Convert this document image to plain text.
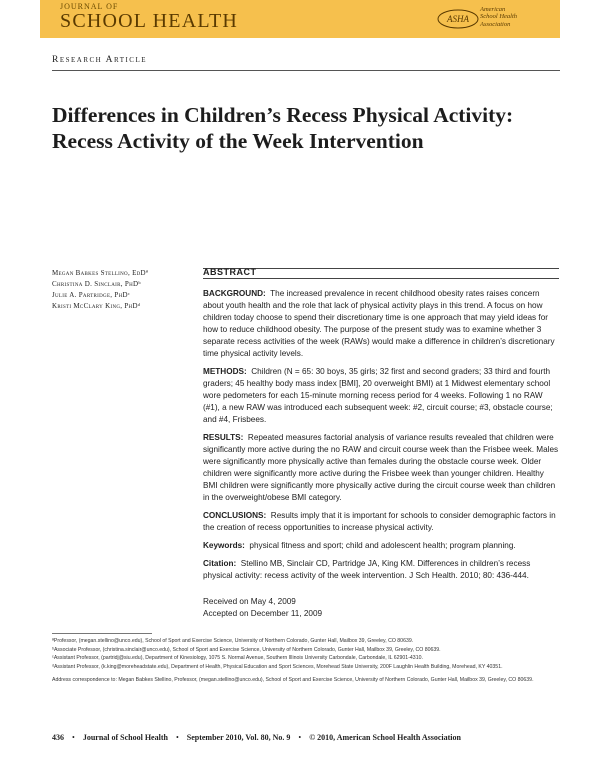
JOURNAL OF
SCHOOL HEALTH	ASHA
American
School Health
Association
Research Article
Differences in Children’s Recess Physical Activity: Recess Activity of the Week Intervention
Megan Babkes Stellino, EdDª
Christina D. Sinclair, PhDᵇ
Julie A. Partridge, PhDᶜ
Kristi McClary King, PhDᵈ
ABSTRACT

BACKGROUND: The increased prevalence in recent childhood obesity rates raises concern about youth health and the role that lack of physical activity plays in this trend. A focus on how children today choose to spend their discretionary time is one approach that may yield ideas for how to reduce childhood obesity. The purpose of the present study was to examine whether 3 separate recess activities of the week (RAWs) would make a difference in children’s discretionary time physical activity levels.

METHODS: Children (N = 65: 30 boys, 35 girls; 32 first and second graders; 33 third and fourth graders; 45 healthy body mass index [BMI], 20 overweight BMI) at 1 Midwest elementary school wore pedometers for each 15-minute morning recess period for 4 weeks. Following 1 no RAW (#1), a new RAW was introduced each subsequent week: #2, circuit course; #3, obstacle course; and #4, Frisbees.

RESULTS: Repeated measures factorial analysis of variance results revealed that children were significantly more active during the no RAW and circuit course week than the Frisbee week. Males were significantly more physically active than females during the obstacle course week. Older children were significantly more active during the Frisbee week than younger children. Healthy BMI children were significantly more physically active during the circuit course week than children in the overweight/obese BMI category.

CONCLUSIONS: Results imply that it is important for schools to consider demographic factors in the creation of recess opportunities to increase physical activity.

Keywords: physical fitness and sport; child and adolescent health; program planning.

Citation: Stellino MB, Sinclair CD, Partridge JA, King KM. Differences in children’s recess physical activity: recess activity of the week intervention. J Sch Health. 2010; 80: 436-444.

Received on May 4, 2009
Accepted on December 11, 2009
ªProfessor, (megan.stellino@unco.edu), School of Sport and Exercise Science, University of Northern Colorado, Gunter Hall, Mailbox 39, Greeley, CO 80639.
ᵇAssociate Professor, (christina.sinclair@unco.edu), School of Sport and Exercise Science, University of Northern Colorado, Gunter Hall, Mailbox 39, Greeley, CO 80639.
ᶜAssistant Professor, (partridj@siu.edu), Department of Kinesiology, 1075 S. Normal Avenue, Southern Illinois University Carbondale, Carbondale, IL 62901-4310.
ᵈAssistant Professor, (k.king@moreheadstate.edu), Department of Health, Physical Education and Sport Sciences, Morehead State University, 200F Laughlin Health Building, Morehead, KY 40351.
Address correspondence to: Megan Babkes Stellino, Professor, (megan.stellino@unco.edu), School of Sport and Exercise Science, University of Northern Colorado, Gunter Hall, Mailbox 39, Greeley, CO 80639.
436 • Journal of School Health • September 2010, Vol. 80, No. 9 • © 2010, American School Health Association
